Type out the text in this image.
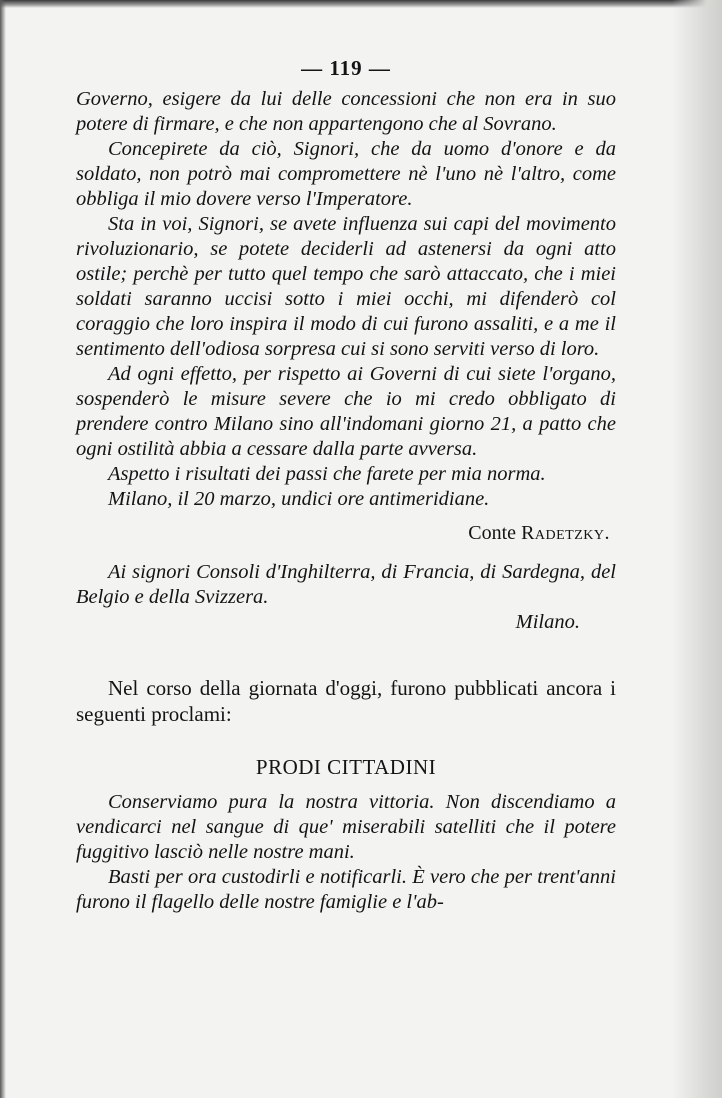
— 119 —

Governo, esigere da lui delle concessioni che non era in suo potere di firmare, e che non appartengono che al Sovrano.

Concepirete da ciò, Signori, che da uomo d'onore e da soldato, non potrò mai compromettere nè l'uno nè l'altro, come obbliga il mio dovere verso l'Imperatore.

Sta in voi, Signori, se avete influenza sui capi del movimento rivoluzionario, se potete deciderli ad astenersi da ogni atto ostile; perchè per tutto quel tempo che sarò attaccato, che i miei soldati saranno uccisi sotto i miei occhi, mi difenderò col coraggio che loro inspira il modo di cui furono assaliti, e a me il sentimento dell'odiosa sorpresa cui si sono serviti verso di loro.

Ad ogni effetto, per rispetto ai Governi di cui siete l'organo, sospenderò le misure severe che io mi credo obbligato di prendere contro Milano sino all'indomani giorno 21, a patto che ogni ostilità abbia a cessare dalla parte avversa.

Aspetto i risultati dei passi che farete per mia norma.

Milano, il 20 marzo, undici ore antimeridiane.

Conte Radetzky.

Ai signori Consoli d'Inghilterra, di Francia, di Sardegna, del Belgio e della Svizzera.

Milano.

Nel corso della giornata d'oggi, furono pubblicati ancora i seguenti proclami:

PRODI CITTADINI

Conserviamo pura la nostra vittoria. Non discendiamo a vendicarci nel sangue di que' miserabili satelliti che il potere fuggitivo lasciò nelle nostre mani.

Basti per ora custodirli e notificarli. È vero che per trent'anni furono il flagello delle nostre famiglie e l'ab-
